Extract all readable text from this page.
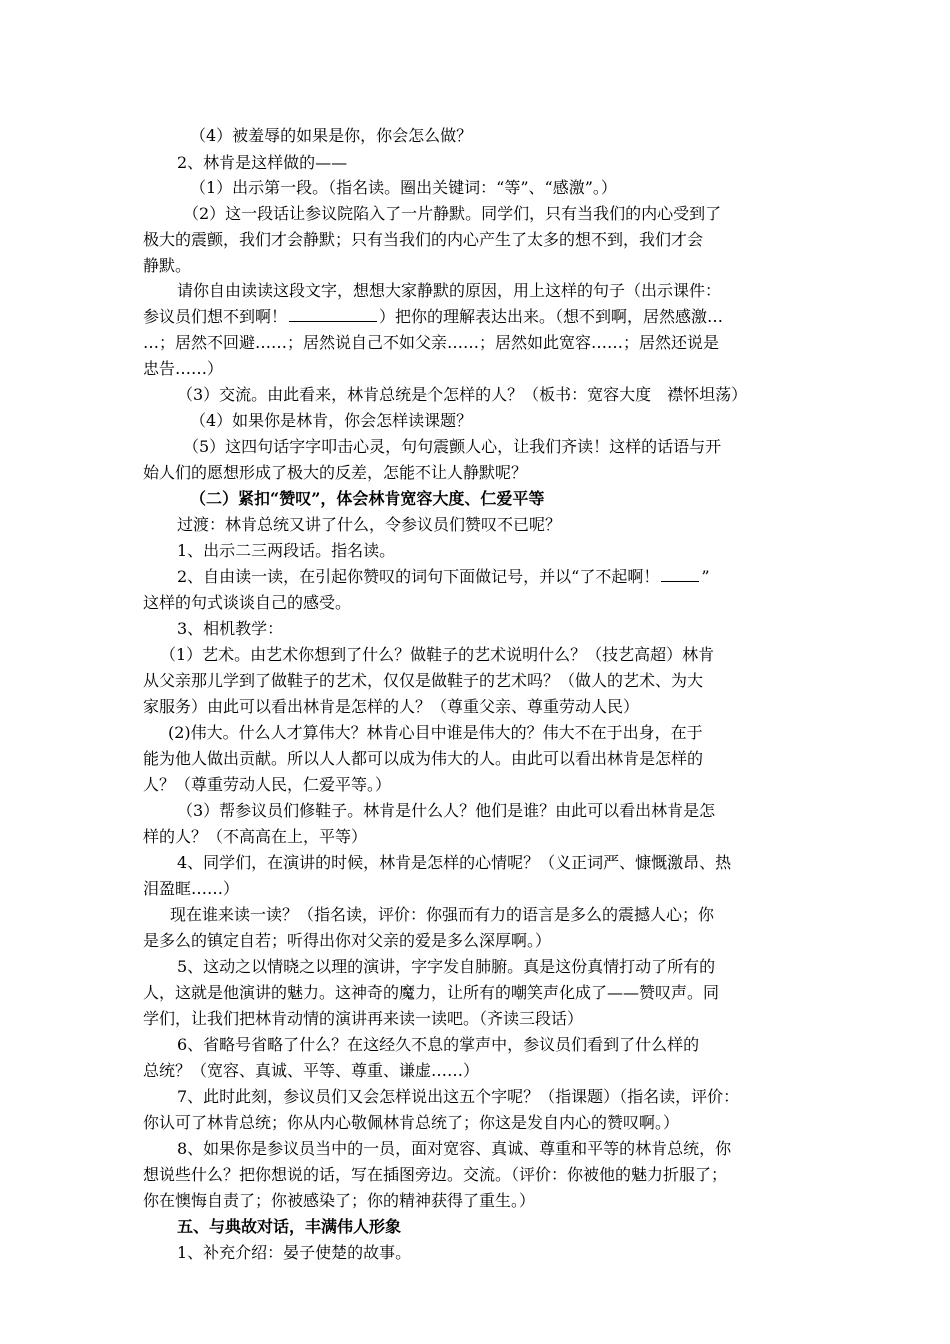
（4）被羞辱的如果是你，你会怎么做？
2、林肯是这样做的——
（1）出示第一段。（指名读。圈出关键词：“等”、“感激”。）
（2）这一段话让参议院陷入了一片静默。同学们，只有当我们的内心受到了
极大的震颤，我们才会静默；只有当我们的内心产生了太多的想不到，我们才会
静默。
请你自由读读这段文字，想想大家静默的原因，用上这样的句子（出示课件：
参议员们想不到啊！	）把你的理解表达出来。（想不到啊，居然感激…
…；居然不回避……；居然说自己不如父亲……；居然如此宽容……；居然还说是
忠告……）
（3）交流。由此看来，林肯总统是个怎样的人？（板书：宽容大度　襟怀坦荡）
（4）如果你是林肯，你会怎样读课题？
（5）这四句话字字叩击心灵，句句震颤人心，让我们齐读！这样的话语与开
始人们的愿想形成了极大的反差，怎能不让人静默呢？
（二）紧扣“赞叹”，体会林肯宽容大度、仁爱平等
过渡：林肯总统又讲了什么，令参议员们赞叹不已呢？
1、出示二三两段话。指名读。
2、自由读一读，在引起你赞叹的词句下面做记号，并以“了不起啊！	”
这样的句式谈谈自己的感受。
3、相机教学：
（1）艺术。由艺术你想到了什么？做鞋子的艺术说明什么？（技艺高超）林肯
从父亲那儿学到了做鞋子的艺术，仅仅是做鞋子的艺术吗？（做人的艺术、为大
家服务）由此可以看出林肯是怎样的人？（尊重父亲、尊重劳动人民）
(2)伟大。什么人才算伟大？林肯心目中谁是伟大的？伟大不在于出身，在于
能为他人做出贡献。所以人人都可以成为伟大的人。由此可以看出林肯是怎样的
人？（尊重劳动人民，仁爱平等。）
（3）帮参议员们修鞋子。林肯是什么人？他们是谁？由此可以看出林肯是怎
样的人？（不高高在上，平等）
4、同学们，在演讲的时候，林肯是怎样的心情呢？（义正词严、慷慨激昂、热
泪盈眶……）
现在谁来读一读？（指名读，评价：你强而有力的语言是多么的震撼人心；你
是多么的镇定自若；听得出你对父亲的爱是多么深厚啊。）
5、这动之以情晓之以理的演讲，字字发自肺腑。真是这份真情打动了所有的
人，这就是他演讲的魅力。这神奇的魔力，让所有的嘲笑声化成了——赞叹声。同
学们，让我们把林肯动情的演讲再来读一读吧。（齐读三段话）
6、省略号省略了什么？在这经久不息的掌声中，参议员们看到了什么样的
总统？（宽容、真诚、平等、尊重、谦虚……）
7、此时此刻，参议员们又会怎样说出这五个字呢？（指课题）（指名读，评价：
你认可了林肯总统；你从内心敬佩林肯总统了；你这是发自内心的赞叹啊。）
8、如果你是参议员当中的一员，面对宽容、真诚、尊重和平等的林肯总统，你
想说些什么？把你想说的话，写在插图旁边。交流。（评价：你被他的魅力折服了；
你在懊悔自责了；你被感染了；你的精神获得了重生。）
五、与典故对话，丰满伟人形象
1、补充介绍：晏子使楚的故事。
